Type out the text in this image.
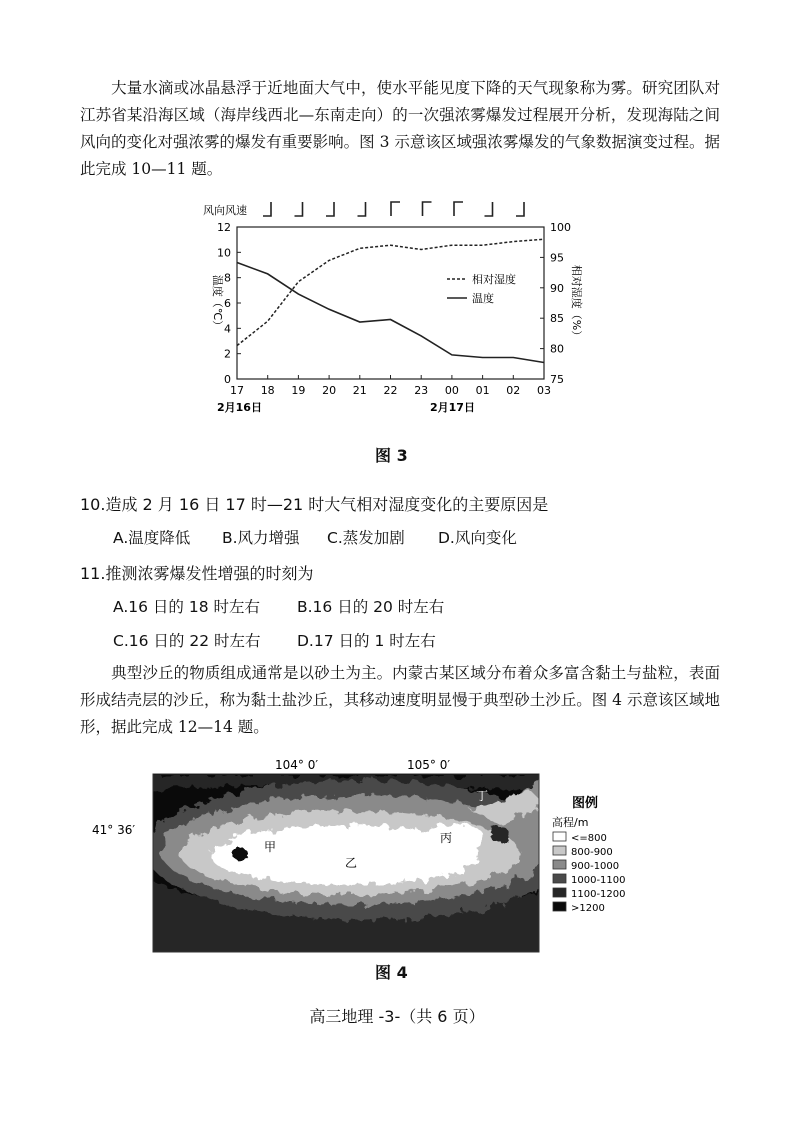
大量水滴或冰晶悬浮于近地面大气中，使水平能见度下降的天气现象称为雾。研究团队对江苏省某沿海区域（海岸线西北—东南走向）的一次强浓雾爆发过程展开分析，发现海陆之间风向的变化对强浓雾的爆发有重要影响。图 3 示意该区域强浓雾爆发的气象数据演变过程。据此完成 10—11 题。
风向风速
0
2
4
6
8
10
12
75
80
85
90
95
100
17 18 19 20 21 22 23 00 01 02 03
温度（℃）	相对湿度（%）
2月16日	2月17日
相对湿度
温度
图 3
10.造成 2 月 16 日 17 时—21 时大气相对湿度变化的主要原因是
A.温度降低 B.风力增强 C.蒸发加剧 D.风向变化
11.推测浓雾爆发性增强的时刻为
A.16 日的 18 时左右 B.16 日的 20 时左右
C.16 日的 22 时左右 D.17 日的 1 时左右
典型沙丘的物质组成通常是以砂土为主。内蒙古某区域分布着众多富含黏土与盐粒，表面形成结壳层的沙丘，称为黏土盐沙丘，其移动速度明显慢于典型砂土沙丘。图 4 示意该区域地形，据此完成 12—14 题。
104° 0′	105° 0′
41° 36′
甲
乙
丙
丁	图例
高程/m
<=800
800-900
900-1000
1000-1100
1100-1200
>1200
图 4
高三地理 -3-（共 6 页）
